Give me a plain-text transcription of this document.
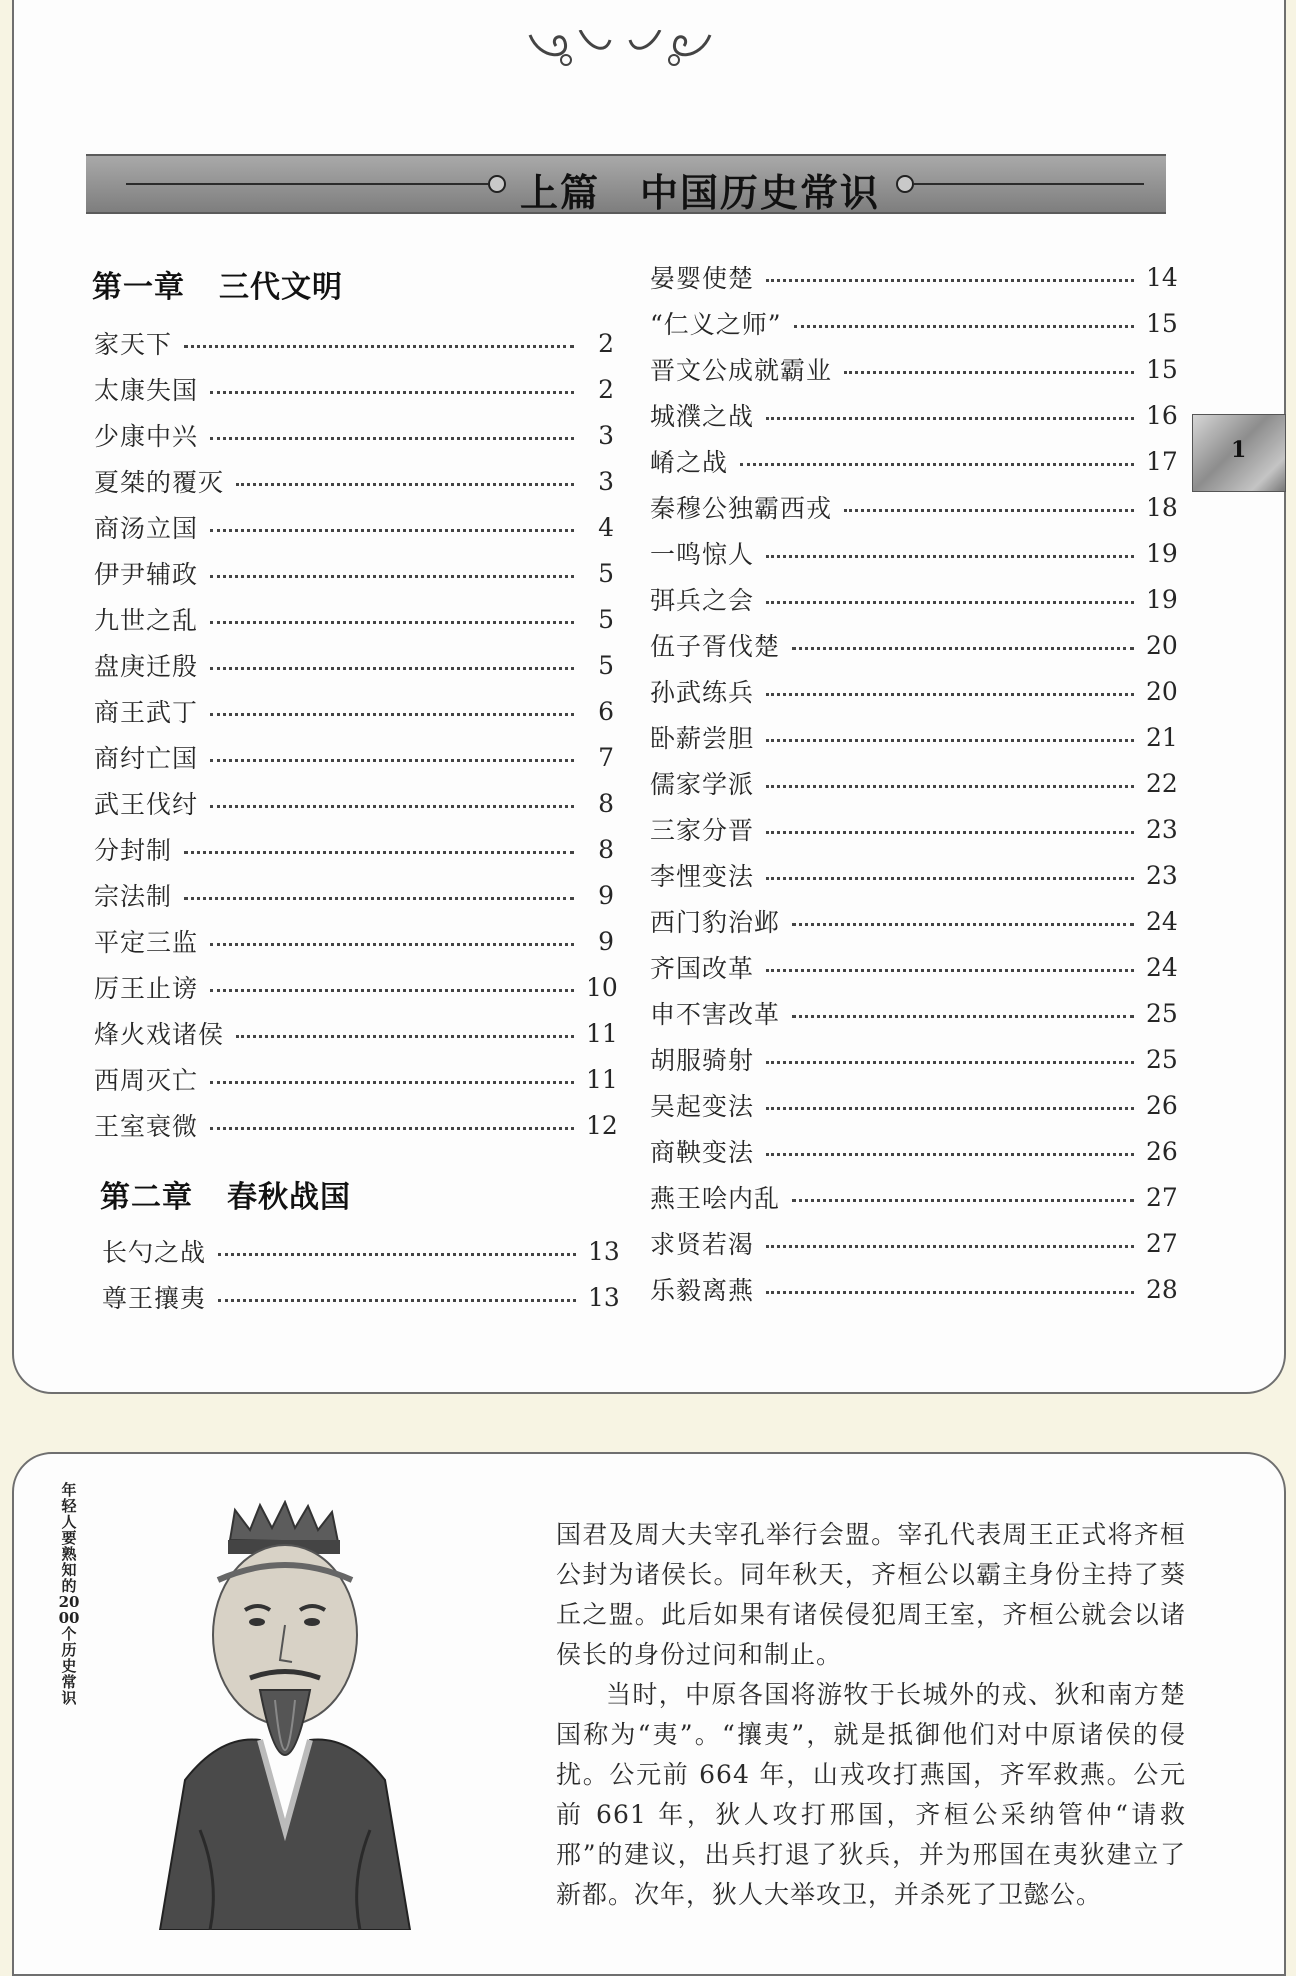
上篇　中国历史常识
1
第一章 三代文明
家天下	2
太康失国	2
少康中兴	3
夏桀的覆灭	3
商汤立国	4
伊尹辅政	5
九世之乱	5
盘庚迁殷	5
商王武丁	6
商纣亡国	7
武王伐纣	8
分封制	8
宗法制	9
平定三监	9
厉王止谤	10
烽火戏诸侯	11
西周灭亡	11
王室衰微	12
第二章 春秋战国
长勺之战	13
尊王攘夷	13
晏婴使楚	14
“仁义之师”	15
晋文公成就霸业	15
城濮之战	16
崤之战	17
秦穆公独霸西戎	18
一鸣惊人	19
弭兵之会	19
伍子胥伐楚	20
孙武练兵	20
卧薪尝胆	21
儒家学派	22
三家分晋	23
李悝变法	23
西门豹治邺	24
齐国改革	24
申不害改革	25
胡服骑射	25
吴起变法	26
商鞅变法	26
燕王哙内乱	27
求贤若渴	27
乐毅离燕	28
年轻人要熟知的2000个历史常识

国君及周大夫宰孔举行会盟。宰孔代表周王正式将齐桓公封为诸侯长。同年秋天，齐桓公以霸主身份主持了葵丘之盟。此后如果有诸侯侵犯周王室，齐桓公就会以诸侯长的身份过问和制止。

当时，中原各国将游牧于长城外的戎、狄和南方楚国称为“夷”。“攘夷”，就是抵御他们对中原诸侯的侵扰。公元前 664 年，山戎攻打燕国，齐军救燕。公元前 661 年，狄人攻打邢国，齐桓公采纳管仲“请救邢”的建议，出兵打退了狄兵，并为邢国在夷狄建立了新都。次年，狄人大举攻卫，并杀死了卫懿公。
